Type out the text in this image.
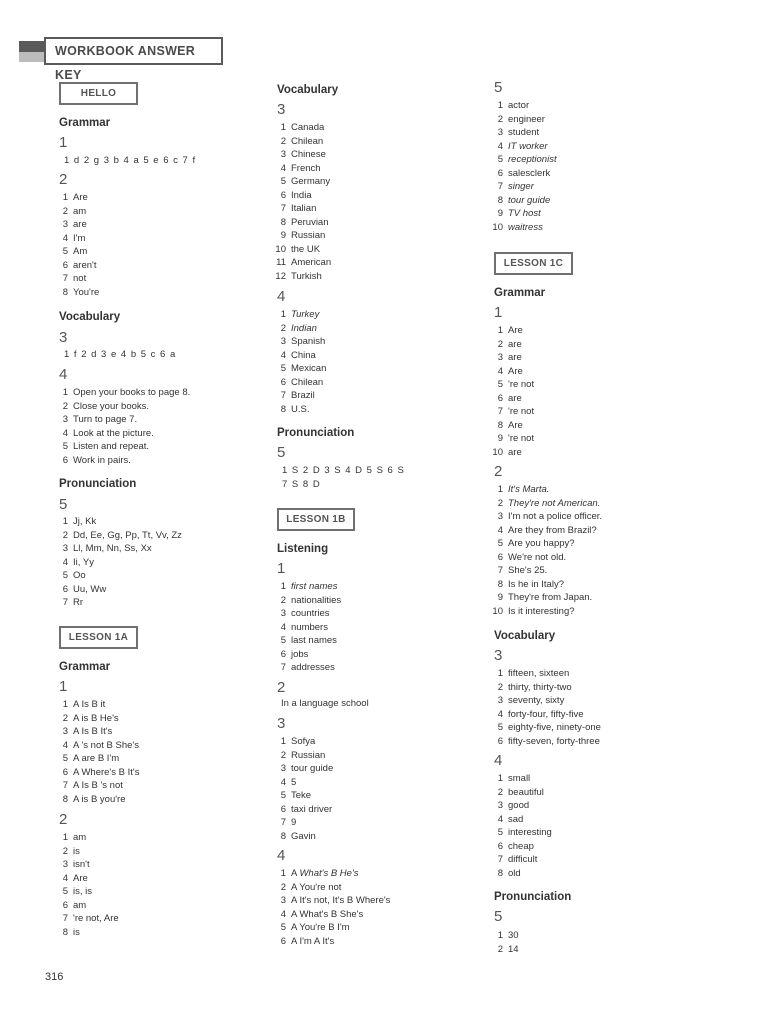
WORKBOOK ANSWER KEY
HELLO
Grammar
1
1 d 2 g 3 b 4 a 5 e 6 c 7 f
2
1 Are
2 am
3 are
4 I'm
5 Am
6 aren't
7 not
8 You're
Vocabulary
3
1 f 2 d 3 e 4 b 5 c 6 a
4
1 Open your books to page 8.
2 Close your books.
3 Turn to page 7.
4 Look at the picture.
5 Listen and repeat.
6 Work in pairs.
Pronunciation
5
1 Jj, Kk
2 Dd, Ee, Gg, Pp, Tt, Vv, Zz
3 Ll, Mm, Nn, Ss, Xx
4 Ii, Yy
5 Oo
6 Uu, Ww
7 Rr
LESSON 1A
Grammar
1
1 A Is B it
2 A is B He's
3 A Is B It's
4 A 's not B She's
5 A are B I'm
6 A Where's B It's
7 A Is B 's not
8 A is B you're
2
1 am
2 is
3 isn't
4 Are
5 is, is
6 am
7 're not, Are
8 is
Vocabulary
3
1 Canada
2 Chilean
3 Chinese
4 French
5 Germany
6 India
7 Italian
8 Peruvian
9 Russian
10 the UK
11 American
12 Turkish
4
1 Turkey
2 Indian
3 Spanish
4 China
5 Mexican
6 Chilean
7 Brazil
8 U.S.
Pronunciation
5
1 S 2 D 3 S 4 D 5 S 6 S
7 S 8 D
LESSON 1B
Listening
1
1 first names
2 nationalities
3 countries
4 numbers
5 last names
6 jobs
7 addresses
2
In a language school
3
1 Sofya
2 Russian
3 tour guide
4 5
5 Teke
6 taxi driver
7 9
8 Gavin
4
1 A What's B He's
2 A You're not
3 A It's not, It's B Where's
4 A What's B She's
5 A You're B I'm
6 A I'm A It's
5
1 actor
2 engineer
3 student
4 IT worker
5 receptionist
6 salesclerk
7 singer
8 tour guide
9 TV host
10 waitress
LESSON 1C
Grammar
1
1 Are
2 are
3 are
4 Are
5 're not
6 are
7 're not
8 Are
9 're not
10 are
2
1 It's Marta.
2 They're not American.
3 I'm not a police officer.
4 Are they from Brazil?
5 Are you happy?
6 We're not old.
7 She's 25.
8 Is he in Italy?
9 They're from Japan.
10 Is it interesting?
Vocabulary
3
1 fifteen, sixteen
2 thirty, thirty-two
3 seventy, sixty
4 forty-four, fifty-five
5 eighty-five, ninety-one
6 fifty-seven, forty-three
4
1 small
2 beautiful
3 good
4 sad
5 interesting
6 cheap
7 difficult
8 old
Pronunciation
5
1 30
2 14
316
